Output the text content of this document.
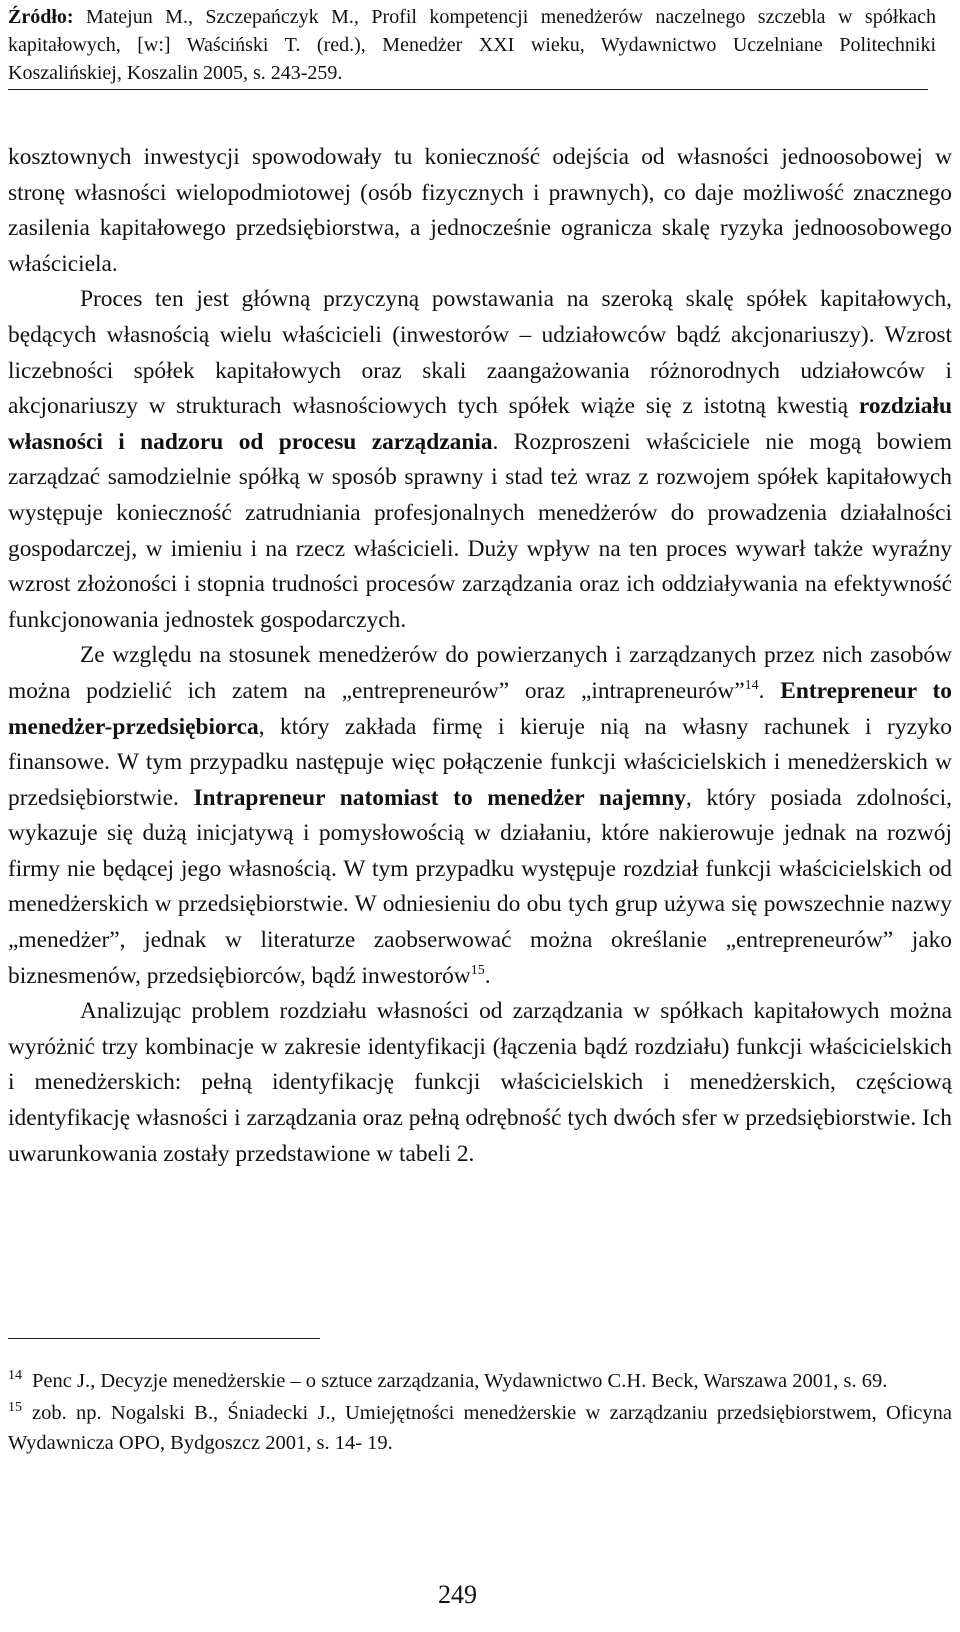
Źródło: Matejun M., Szczepańczyk M., Profil kompetencji menedżerów naczelnego szczebla w spółkach kapitałowych, [w:] Waściński T. (red.), Menedżer XXI wieku, Wydawnictwo Uczelniane Politechniki Koszalińskiej, Koszalin 2005, s. 243-259.

kosztownych inwestycji spowodowały tu konieczność odejścia od własności jednoosobowej w stronę własności wielopodmiotowej (osób fizycznych i prawnych), co daje możliwość znacznego zasilenia kapitałowego przedsiębiorstwa, a jednocześnie ogranicza skalę ryzyka jednoosobowego właściciela.

Proces ten jest główną przyczyną powstawania na szeroką skalę spółek kapitałowych, będących własnością wielu właścicieli (inwestorów – udziałowców bądź akcjonariuszy). Wzrost liczebności spółek kapitałowych oraz skali zaangażowania różnorodnych udziałowców i akcjonariuszy w strukturach własnościowych tych spółek wiąże się z istotną kwestią rozdziału własności i nadzoru od procesu zarządzania. Rozproszeni właściciele nie mogą bowiem zarządzać samodzielnie spółką w sposób sprawny i stad też wraz z rozwojem spółek kapitałowych występuje konieczność zatrudniania profesjonalnych menedżerów do prowadzenia działalności gospodarczej, w imieniu i na rzecz właścicieli. Duży wpływ na ten proces wywarł także wyraźny wzrost złożoności i stopnia trudności procesów zarządzania oraz ich oddziaływania na efektywność funkcjonowania jednostek gospodarczych.

Ze względu na stosunek menedżerów do powierzanych i zarządzanych przez nich zasobów można podzielić ich zatem na „entrepreneurów” oraz „intrapreneurów”$^{14}$. Entrepreneur to menedżer-przedsiębiorca, który zakłada firmę i kieruje nią na własny rachunek i ryzyko finansowe. W tym przypadku następuje więc połączenie funkcji właścicielskich i menedżerskich w przedsiębiorstwie. Intrapreneur natomiast to menedżer najemny, który posiada zdolności, wykazuje się dużą inicjatywą i pomysłowością w działaniu, które nakierowuje jednak na rozwój firmy nie będącej jego własnością. W tym przypadku występuje rozdział funkcji właścicielskich od menedżerskich w przedsiębiorstwie. W odniesieniu do obu tych grup używa się powszechnie nazwy „menedżer”, jednak w literaturze zaobserwować można określanie „entrepreneurów” jako biznesmenów, przedsiębiorców, bądź inwestorów$^{15}$.

Analizując problem rozdziału własności od zarządzania w spółkach kapitałowych można wyróżnić trzy kombinacje w zakresie identyfikacji (łączenia bądź rozdziału) funkcji właścicielskich i menedżerskich: pełną identyfikację funkcji właścicielskich i menedżerskich, częściową identyfikację własności i zarządzania oraz pełną odrębność tych dwóch sfer w przedsiębiorstwie. Ich uwarunkowania zostały przedstawione w tabeli 2.

$^{14}$ Penc J., Decyzje menedżerskie – o sztuce zarządzania, Wydawnictwo C.H. Beck, Warszawa 2001, s. 69.

$^{15}$ zob. np. Nogalski B., Śniadecki J., Umiejętności menedżerskie w zarządzaniu przedsiębiorstwem, Oficyna Wydawnicza OPO, Bydgoszcz 2001, s. 14- 19.

249
